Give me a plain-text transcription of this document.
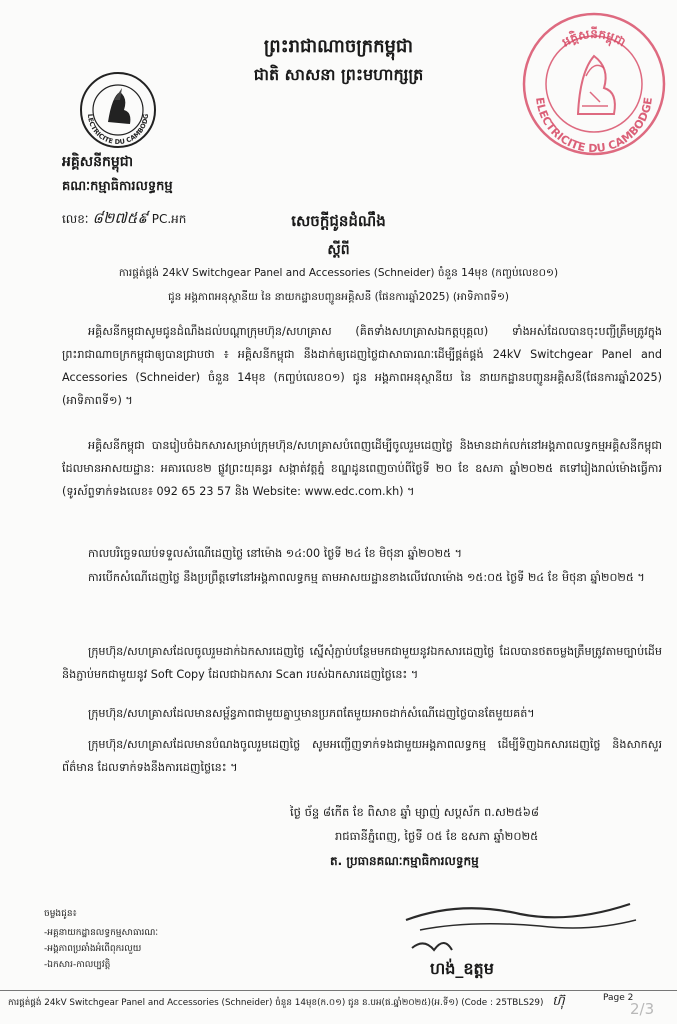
ព្រះរាជាណាចក្រកម្ពុជា
ជាតិ សាសនា ព្រះមហាក្សត្រ
LECTRICITE DU CAMBODG
ELECTRICITE DU CAMBODGE
អគ្គិសនីកម្ពុជា
អគ្គិសនីកម្ពុជា
គណៈកម្មាធិការលទ្ធកម្ម
លេខៈ ៨២៧៥៩ PC.អក	សេចក្ដីជូនដំណឹង
ស្ដីពី
ការផ្គត់ផ្គង់ 24kV Switchgear Panel and Accessories (Schneider) ចំនួន 14មុខ (កញ្ចប់លេខ០១)
ជូន អង្គភាពអនុស្ថានីយ នៃ នាយកដ្ឋានបញ្ជូនអគ្គិសនី (ផែនការឆ្នាំ2025) (អាទិភាពទី១)

អគ្គិសនីកម្ពុជាសូមជូនដំណឹងដល់បណ្ដាក្រុមហ៊ុន/សហគ្រាស (គិតទាំងសហគ្រាសឯកត្តបុគ្គល) ទាំងអស់ដែលបានចុះបញ្ជីត្រឹមត្រូវក្នុងព្រះរាជាណាចក្រកម្ពុជាឲ្យបានជ្រាបថា ៖ អគ្គិសនីកម្ពុជា នឹងដាក់ឲ្យដេញថ្លៃជាសាធារណៈដើម្បីផ្គត់ផ្គង់ 24kV Switchgear Panel and Accessories (Schneider) ចំនួន 14មុខ (កញ្ចប់លេខ០១) ជូន អង្គភាពអនុស្ថានីយ នៃ នាយកដ្ឋានបញ្ជូនអគ្គិសនី(ផែនការឆ្នាំ2025) (អាទិភាពទី១) ។

អគ្គិសនីកម្ពុជា បានរៀបចំឯកសារសម្រាប់ក្រុមហ៊ុន/សហគ្រាសបំពេញដើម្បីចូលរួមដេញថ្លៃ និងមានដាក់លក់នៅអង្គភាពលទ្ធកម្មអគ្គិសនីកម្ពុជា ដែលមានអាសយដ្ឋាន: អគារលេខ២ ផ្លូវព្រះយុគន្ធរ សង្កាត់វត្តភ្នំ ខណ្ឌដូនពេញចាប់ពីថ្ងៃទី ២០ ខែ ឧសភា ឆ្នាំ២០២៥ តទៅរៀងរាល់ម៉ោងធ្វើការ (ទូរស័ព្ទទាក់ទងលេខ៖ 092 65 23 57 និង Website: www.edc.com.kh) ។

កាលបរិច្ឆេទឈប់ទទួលសំណើដេញថ្លៃ នៅម៉ោង ១៤:00 ថ្ងៃទី ២៤ ខែ មិថុនា ឆ្នាំ២០២៥ ។

ការបើកសំណើដេញថ្លៃ នឹងប្រព្រឹត្តទៅនៅអង្គភាពលទ្ធកម្ម តាមអាសយដ្ឋានខាងលើវេលាម៉ោង ១៥:០៥ ថ្ងៃទី ២៤ ខែ មិថុនា ឆ្នាំ២០២៥ ។

ក្រុមហ៊ុន/សហគ្រាសដែលចូលរួមដាក់ឯកសារដេញថ្លៃ ស្នើសុំភ្ជាប់បន្ថែមមកជាមួយនូវឯកសារដេញថ្លៃ ដែលបានថតចម្លងត្រឹមត្រូវតាមច្បាប់ដើម និងភ្ជាប់មកជាមួយនូវ Soft Copy ដែលជាឯកសារ Scan របស់ឯកសារដេញថ្លៃនេះ ។

ក្រុមហ៊ុន/សហគ្រាសដែលមានសម្ព័ន្ធភាពជាមួយគ្នាឬមានប្រភពតែមួយអាចដាក់សំណើដេញថ្លៃបានតែមួយគត់។

ក្រុមហ៊ុន/សហគ្រាសដែលមានបំណងចូលរួមដេញថ្លៃ សូមអញ្ជើញទាក់ទងជាមួយអង្គភាពលទ្ធកម្ម ដើម្បីទិញឯកសារដេញថ្លៃ និងសាកសួរព័ត៌មាន ដែលទាក់ទងនឹងការដេញថ្លៃនេះ ។

ថ្ងៃ ច័ន្ទ ៨កើត ខែ ពិសាខ ឆ្នាំ ម្សាញ់ សប្តស័ក ព.ស២៥៦៨
រាជធានីភ្នំពេញ, ថ្ងៃទី ០៥ ខែ ឧសភា ឆ្នាំ២០២៥
ត. ប្រធានគណៈកម្មាធិការលទ្ធកម្ម
ហង់_ឧត្ដម
ចម្លងជូន៖
-អគ្គនាយកដ្ឋានលទ្ធកម្មសាធារណៈ
-អង្គភាពប្រឆាំងអំពើពុករលួយ
-ឯកសារ-កាលប្បវត្តិ
ការផ្គត់ផ្គង់ 24kV Switchgear Panel and Accessories (Schneider) ចំនួន 14មុខ(ក.០១) ជូន ន.បអ(ផ.ឆ្នាំ២០២៥)(អ.ទី១) (Code : 25TBLS29) ហ៊ុ	Page 2
2/3
